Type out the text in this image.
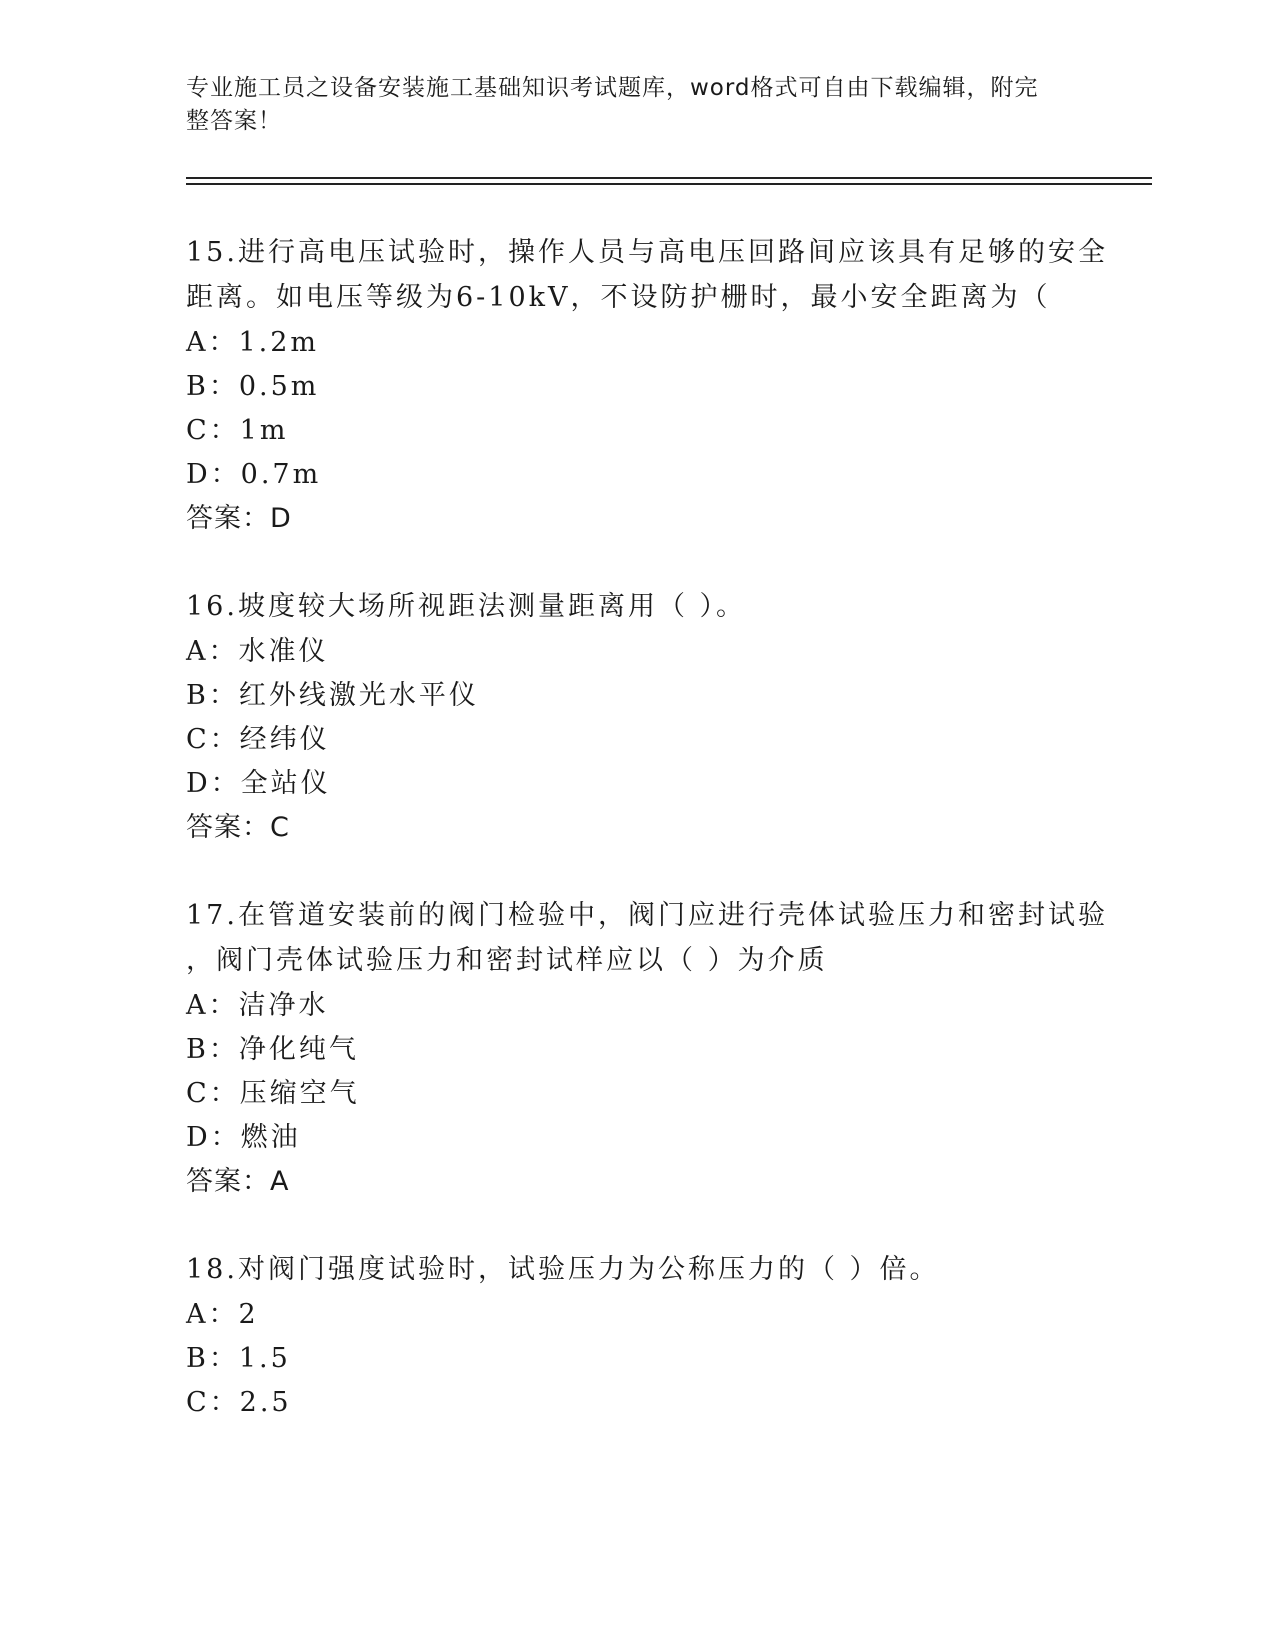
专业施工员之设备安装施工基础知识考试题库，word格式可自由下载编辑，附完
整答案！
15.进行高电压试验时，操作人员与高电压回路间应该具有足够的安全
距离。如电压等级为6-10kV，不设防护栅时，最小安全距离为（
A：1.2m
B：0.5m
C：1m
D：0.7m
答案：D
16.坡度较大场所视距法测量距离用（ ）。
A：水准仪
B：红外线激光水平仪
C：经纬仪
D：全站仪
答案：C
17.在管道安装前的阀门检验中，阀门应进行壳体试验压力和密封试验
，阀门壳体试验压力和密封试样应以（ ）为介质
A：洁净水
B：净化纯气
C：压缩空气
D：燃油
答案：A
18.对阀门强度试验时，试验压力为公称压力的（ ）倍。
A：2
B：1.5
C：2.5
